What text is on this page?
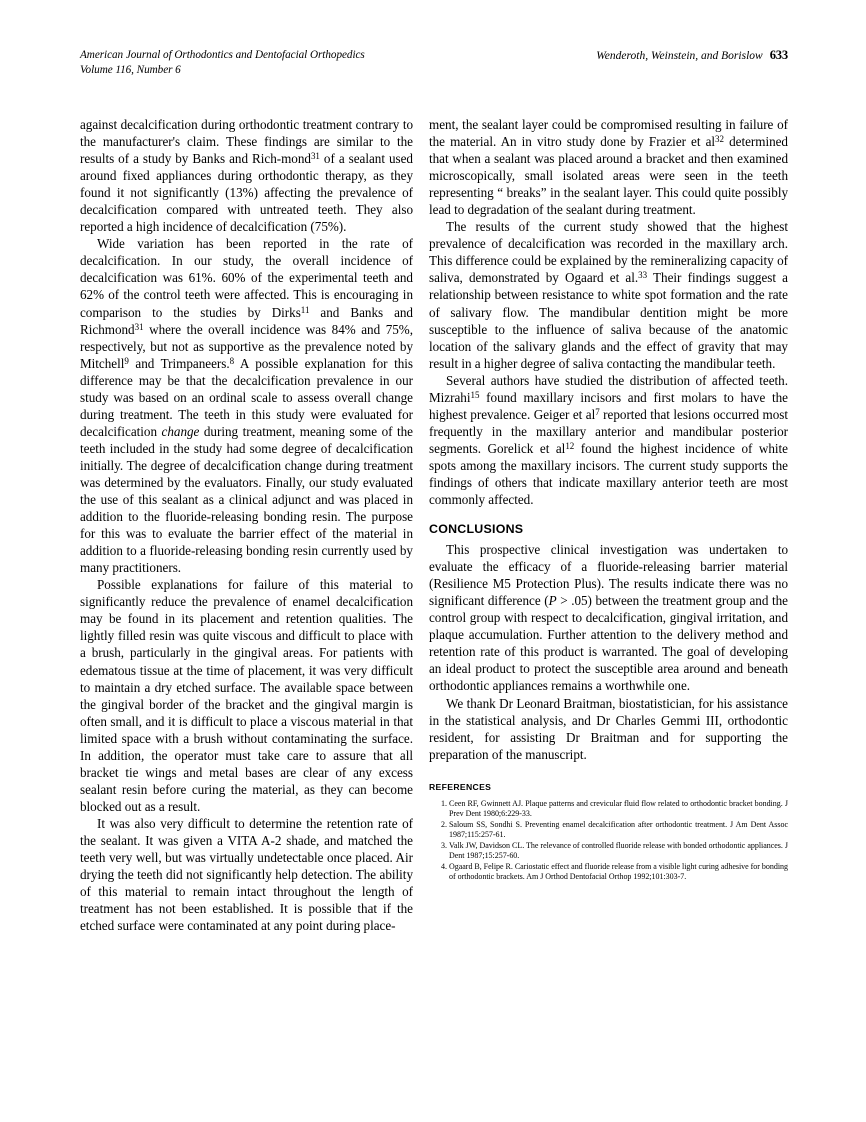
American Journal of Orthodontics and Dentofacial Orthopedics
Volume 116, Number 6
Wenderoth, Weinstein, and Borislow 633

against decalcification during orthodontic treatment contrary to the manufacturer's claim. These findings are similar to the results of a study by Banks and Rich-mond$^{31}$ of a sealant used around fixed appliances during orthodontic therapy, as they found it not significantly (13%) affecting the prevalence of decalcification compared with untreated teeth. They also reported a high incidence of decalcification (75%).

Wide variation has been reported in the rate of decalcification. In our study, the overall incidence of decalcification was 61%. 60% of the experimental teeth and 62% of the control teeth were affected. This is encouraging in comparison to the studies by Dirks$^{11}$ and Banks and Richmond$^{31}$ where the overall incidence was 84% and 75%, respectively, but not as supportive as the prevalence noted by Mitchell$^9$ and Trimpaneers.$^8$ A possible explanation for this difference may be that the decalcification prevalence in our study was based on an ordinal scale to assess overall change during treatment. The teeth in this study were evaluated for decalcification change during treatment, meaning some of the teeth included in the study had some degree of decalcification initially. The degree of decalcification change during treatment was determined by the evaluators. Finally, our study evaluated the use of this sealant as a clinical adjunct and was placed in addition to the fluoride-releasing bonding resin. The purpose for this was to evaluate the barrier effect of the material in addition to a fluoride-releasing bonding resin currently used by many practitioners.

Possible explanations for failure of this material to significantly reduce the prevalence of enamel decalcification may be found in its placement and retention qualities. The lightly filled resin was quite viscous and difficult to place with a brush, particularly in the gingival areas. For patients with edematous tissue at the time of placement, it was very difficult to maintain a dry etched surface. The available space between the gingival border of the bracket and the gingival margin is often small, and it is difficult to place a viscous material in that limited space with a brush without contaminating the surface. In addition, the operator must take care to assure that all bracket tie wings and metal bases are clear of any excess sealant resin before curing the material, as they can become blocked out as a result.

It was also very difficult to determine the retention rate of the sealant. It was given a VITA A-2 shade, and matched the teeth very well, but was virtually undetectable once placed. Air drying the teeth did not significantly help detection. The ability of this material to remain intact throughout the length of treatment has not been established. It is possible that if the etched surface were contaminated at any point during place-

ment, the sealant layer could be compromised resulting in failure of the material. An in vitro study done by Frazier et $al^{32}$ determined that when a sealant was placed around a bracket and then examined microscopically, small isolated areas were seen in the teeth representing “ breaks” in the sealant layer. This could quite possibly lead to degradation of the sealant during treatment.

The results of the current study showed that the highest prevalence of decalcification was recorded in the maxillary arch. This difference could be explained by the remineralizing capacity of saliva, demonstrated by Ogaard et al.$^{33}$ Their findings suggest a relationship between resistance to white spot formation and the rate of salivary flow. The mandibular dentition might be more susceptible to the influence of saliva because of the anatomic location of the salivary glands and the effect of gravity that may result in a higher degree of saliva contacting the mandibular teeth.

Several authors have studied the distribution of affected teeth. Mizrahi$^{15}$ found maxillary incisors and first molars to have the highest prevalence. Geiger et $al^7$ reported that lesions occurred most frequently in the maxillary anterior and mandibular posterior segments. Gorelick et $al^{12}$ found the highest incidence of white spots among the maxillary incisors. The current study supports the findings of others that indicate maxillary anterior teeth are most commonly affected.

CONCLUSIONS

This prospective clinical investigation was undertaken to evaluate the efficacy of a fluoride-releasing barrier material (Resilience M5 Protection Plus). The results indicate there was no significant difference (P > .05) between the treatment group and the control group with respect to decalcification, gingival irritation, and plaque accumulation. Further attention to the delivery method and retention rate of this product is warranted. The goal of developing an ideal product to protect the susceptible area around and beneath orthodontic appliances remains a worthwhile one.

We thank Dr Leonard Braitman, biostatistician, for his assistance in the statistical analysis, and Dr Charles Gemmi III, orthodontic resident, for assisting Dr Braitman and for supporting the preparation of the manuscript.

REFERENCES
Ceen RF, Gwinnett AJ. Plaque patterns and crevicular fluid flow related to orthodontic bracket bonding. J Prev Dent 1980;6:229-33.
Saloum SS, Sondhi S. Preventing enamel decalcification after orthodontic treatment. J Am Dent Assoc 1987;115:257-61.
Valk JW, Davidson CL. The relevance of controlled fluoride release with bonded orthodontic appliances. J Dent 1987;15:257-60.
Ogaard B, Felipe R. Cariostatic effect and fluoride release from a visible light curing adhesive for bonding of orthodontic brackets. Am J Orthod Dentofacial Orthop 1992;101:303-7.
